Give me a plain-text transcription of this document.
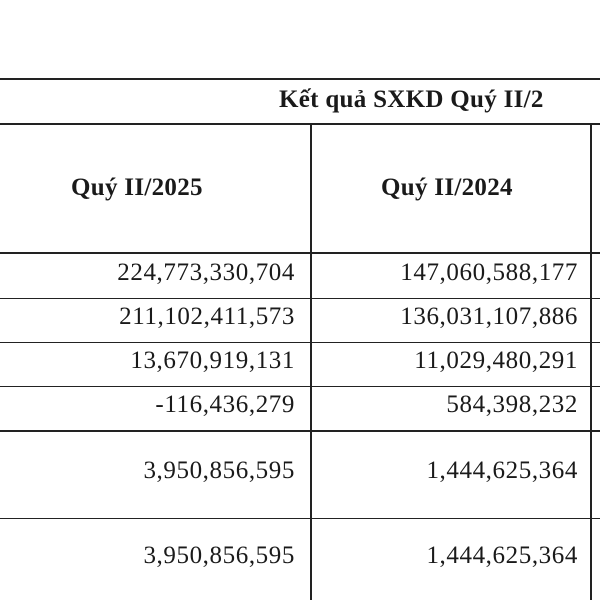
Kết quả SXKD Quý II/2
Quý II/2025	Quý II/2024
224,773,330,704	147,060,588,177
211,102,411,573	136,031,107,886
13,670,919,131	11,029,480,291
-116,436,279	584,398,232
3,950,856,595	1,444,625,364
3,950,856,595	1,444,625,364
